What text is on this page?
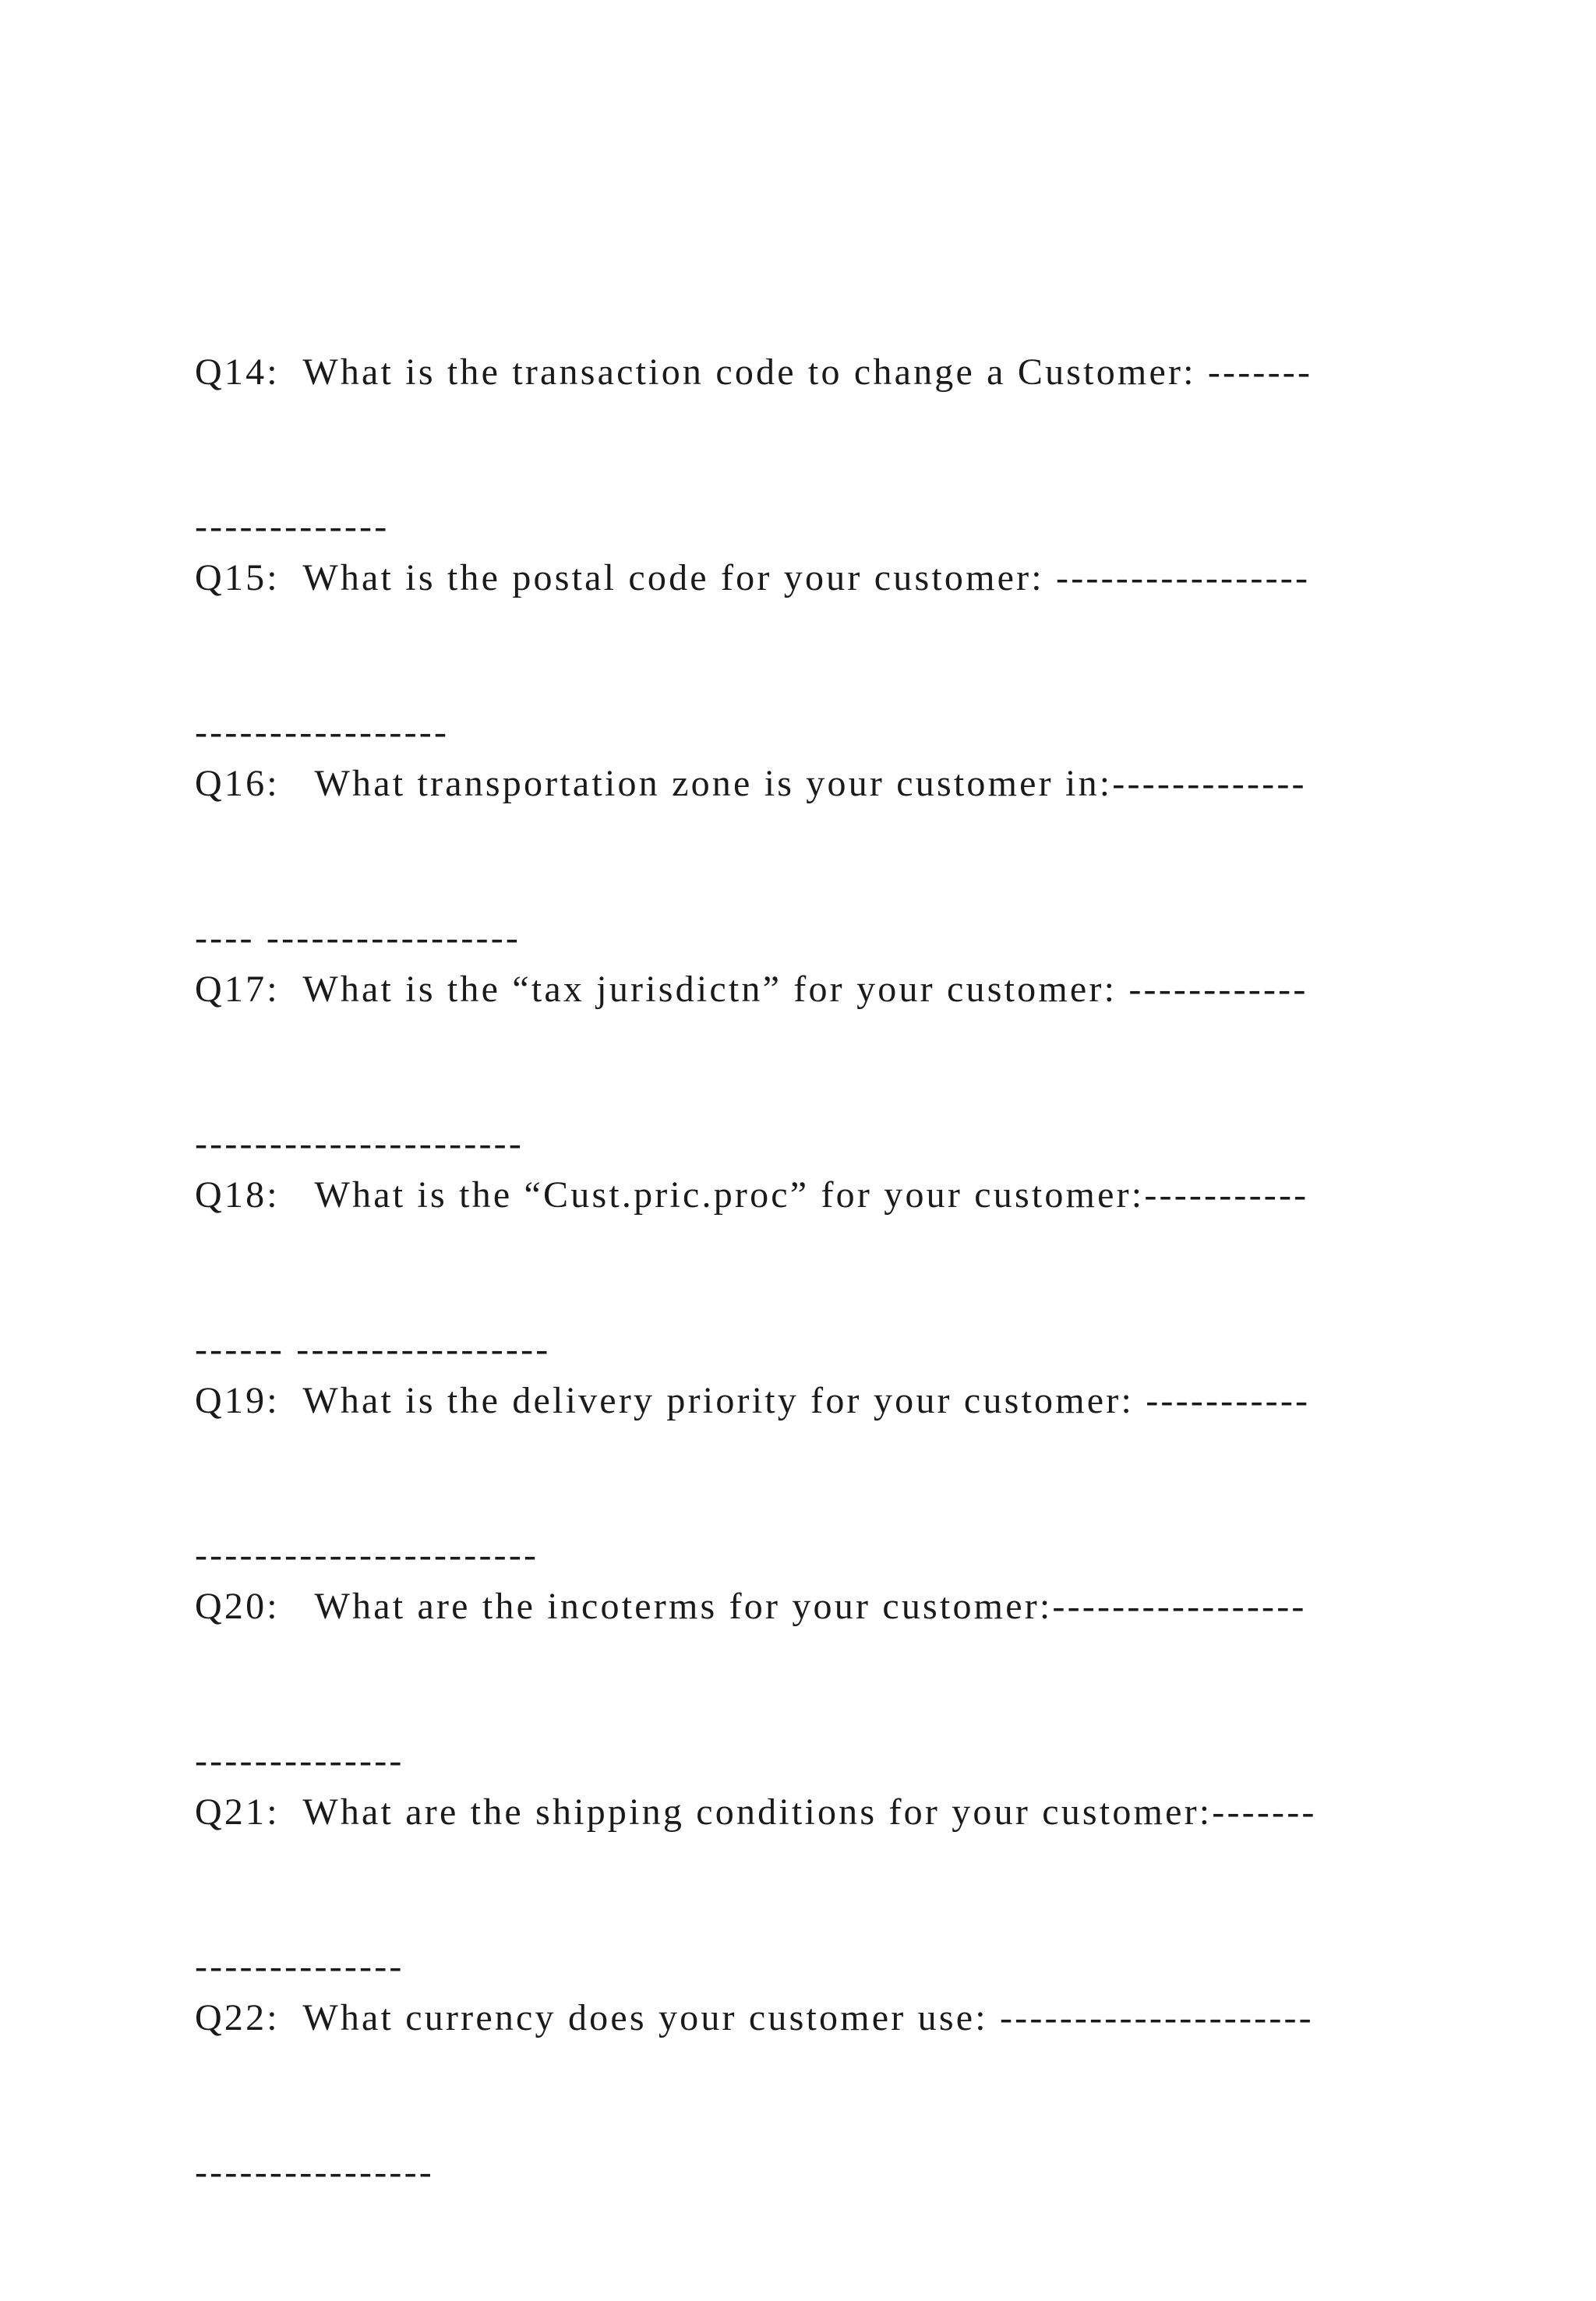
Q14:  What is the transaction code to change a Customer: -------

-------------

Q15:  What is the postal code for your customer: -----------------

-----------------

Q16:   What transportation zone is your customer in:-------------

---- -----------------

Q17:  What is the “tax jurisdictn” for your customer: ------------

----------------------

Q18:   What is the “Cust.pric.proc” for your customer:-----------

------ -----------------

Q19:  What is the delivery priority for your customer: -----------

-----------------------

Q20:   What are the incoterms for your customer:-----------------

--------------

Q21:  What are the shipping conditions for your customer:-------

--------------

Q22:  What currency does your customer use: ---------------------

----------------
